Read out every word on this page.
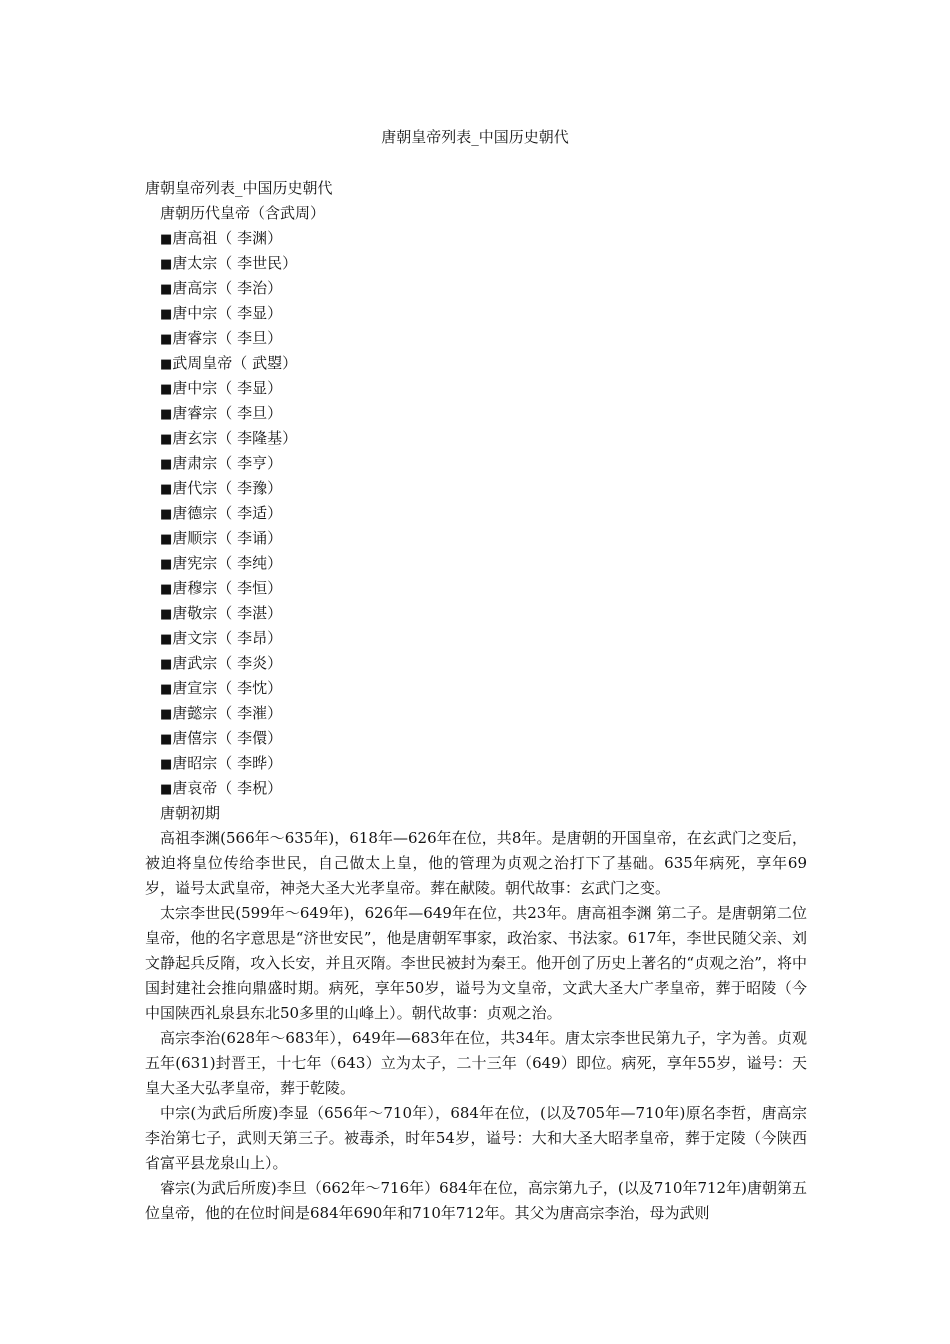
唐朝皇帝列表_中国历史朝代
唐朝皇帝列表_中国历史朝代
唐朝历代皇帝（含武周）
■ 唐高祖（ 李渊）
■ 唐太宗（ 李世民）
■ 唐高宗（ 李治）
■ 唐中宗（ 李显）
■ 唐睿宗（ 李旦）
■ 武周皇帝（ 武曌）
■ 唐中宗（ 李显）
■ 唐睿宗（ 李旦）
■ 唐玄宗（ 李隆基）
■ 唐肃宗（ 李亨）
■ 唐代宗（ 李豫）
■ 唐德宗（ 李适）
■ 唐顺宗（ 李诵）
■ 唐宪宗（ 李纯）
■ 唐穆宗（ 李恒）
■ 唐敬宗（ 李湛）
■ 唐文宗（ 李昂）
■ 唐武宗（ 李炎）
■ 唐宣宗（ 李忱）
■ 唐懿宗（ 李漼）
■ 唐僖宗（ 李儇）
■ 唐昭宗（ 李晔）
■ 唐哀帝（ 李柷）
唐朝初期

高祖李渊(566年～635年)，618年—626年在位，共8年。是唐朝的开国皇帝，在玄武门之变后，被迫将皇位传给李世民，自己做太上皇，他的管理为贞观之治打下了基础。635年病死，享年69岁，谥号太武皇帝，神尧大圣大光孝皇帝。葬在献陵。朝代故事：玄武门之变。

太宗李世民(599年～649年)，626年—649年在位，共23年。唐高祖李渊 第二子。是唐朝第二位皇帝，他的名字意思是“济世安民”，他是唐朝军事家，政治家、书法家。617年，李世民随父亲、刘文静起兵反隋，攻入长安，并且灭隋。李世民被封为秦王。他开创了历史上著名的“贞观之治”，将中国封建社会推向鼎盛时期。病死，享年50岁，谥号为文皇帝，文武大圣大广孝皇帝，葬于昭陵（今中国陕西礼泉县东北50多里的山峰上）。朝代故事：贞观之治。

高宗李治(628年～683年），649年—683年在位，共34年。唐太宗李世民第九子，字为善。贞观五年(631)封晋王，十七年（643）立为太子，二十三年（649）即位。病死，享年55岁，谥号：天皇大圣大弘孝皇帝，葬于乾陵。

中宗(为武后所废)李显（656年～710年），684年在位，(以及705年—710年)原名李哲，唐高宗李治第七子，武则天第三子。被毒杀，时年54岁，谥号：大和大圣大昭孝皇帝，葬于定陵（今陕西省富平县龙泉山上）。

睿宗(为武后所废)李旦（662年～716年）684年在位，高宗第九子，(以及710年712年)唐朝第五位皇帝，他的在位时间是684年690年和710年712年。其父为唐高宗李治，母为武则
